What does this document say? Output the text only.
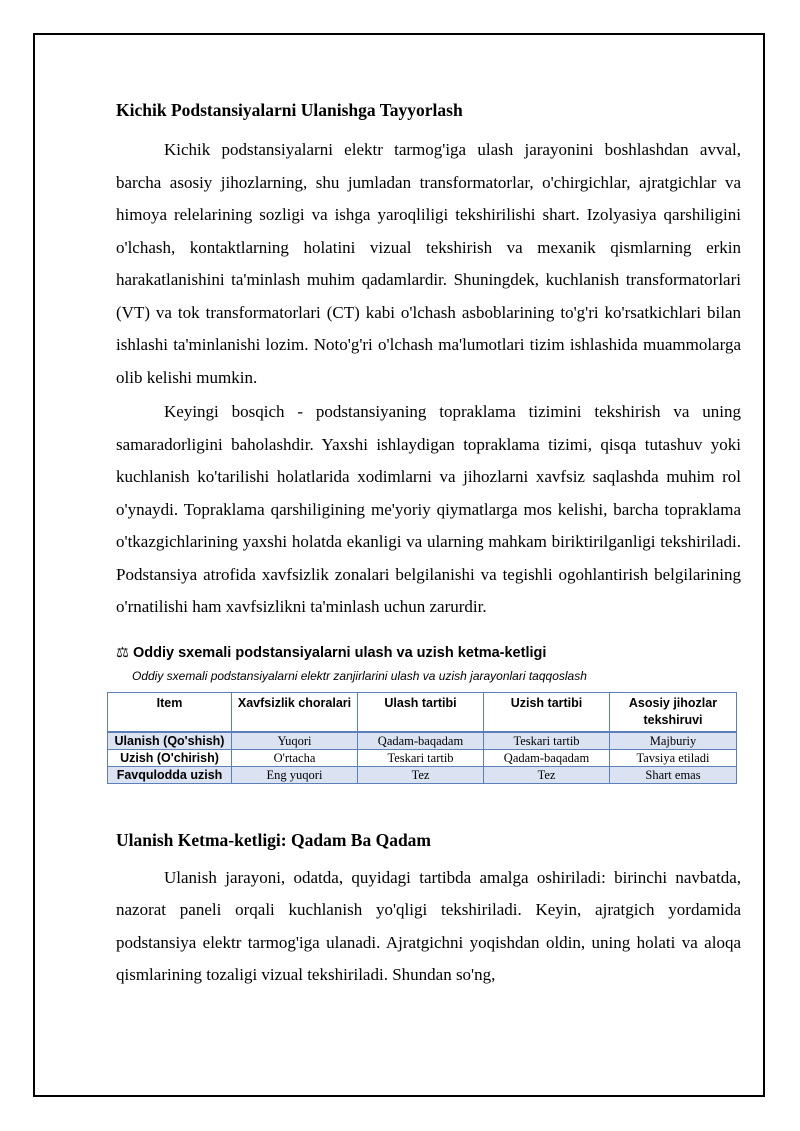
Kichik Podstansiyalarni Ulanishga Tayyorlash

Kichik podstansiyalarni elektr tarmog'iga ulash jarayonini boshlashdan avval, barcha asosiy jihozlarning, shu jumladan transformatorlar, o'chirgichlar, ajratgichlar va himoya relelarining sozligi va ishga yaroqliligi tekshirilishi shart. Izolyasiya qarshiligini o'lchash, kontaktlarning holatini vizual tekshirish va mexanik qismlarning erkin harakatlanishini ta'minlash muhim qadamlardir. Shuningdek, kuchlanish transformatorlari (VT) va tok transformatorlari (CT) kabi o'lchash asboblarining to'g'ri ko'rsatkichlari bilan ishlashi ta'minlanishi lozim. Noto'g'ri o'lchash ma'lumotlari tizim ishlashida muammolarga olib kelishi mumkin.

Keyingi bosqich - podstansiyaning topraklama tizimini tekshirish va uning samaradorligini baholashdir. Yaxshi ishlaydigan topraklama tizimi, qisqa tutashuv yoki kuchlanish ko'tarilishi holatlarida xodimlarni va jihozlarni xavfsiz saqlashda muhim rol o'ynaydi. Topraklama qarshiligining me'yoriy qiymatlarga mos kelishi, barcha topraklama o'tkazgichlarining yaxshi holatda ekanligi va ularning mahkam biriktirilganligi tekshiriladi. Podstansiya atrofida xavfsizlik zonalari belgilanishi va tegishli ogohlantirish belgilarining o'rnatilishi ham xavfsizlikni ta'minlash uchun zarurdir.

⚖ Oddiy sxemali podstansiyalarni ulash va uzish ketma-ketligi
Oddiy sxemali podstansiyalarni elektr zanjirlarini ulash va uzish jarayonlari taqqoslash
Item	Xavfsizlik choralari	Ulash tartibi	Uzish tartibi	Asosiy jihozlar tekshiruvi
Ulanish (Qo'shish)	Yuqori	Qadam-baqadam	Teskari tartib	Majburiy
Uzish (O'chirish)	O'rtacha	Teskari tartib	Qadam-baqadam	Tavsiya etiladi
Favqulodda uzish	Eng yuqori	Tez	Tez	Shart emas
Ulanish Ketma-ketligi: Qadam Ba Qadam

Ulanish jarayoni, odatda, quyidagi tartibda amalga oshiriladi: birinchi navbatda, nazorat paneli orqali kuchlanish yo'qligi tekshiriladi. Keyin, ajratgich yordamida podstansiya elektr tarmog'iga ulanadi. Ajratgichni yoqishdan oldin, uning holati va aloqa qismlarining tozaligi vizual tekshiriladi. Shundan so'ng,
